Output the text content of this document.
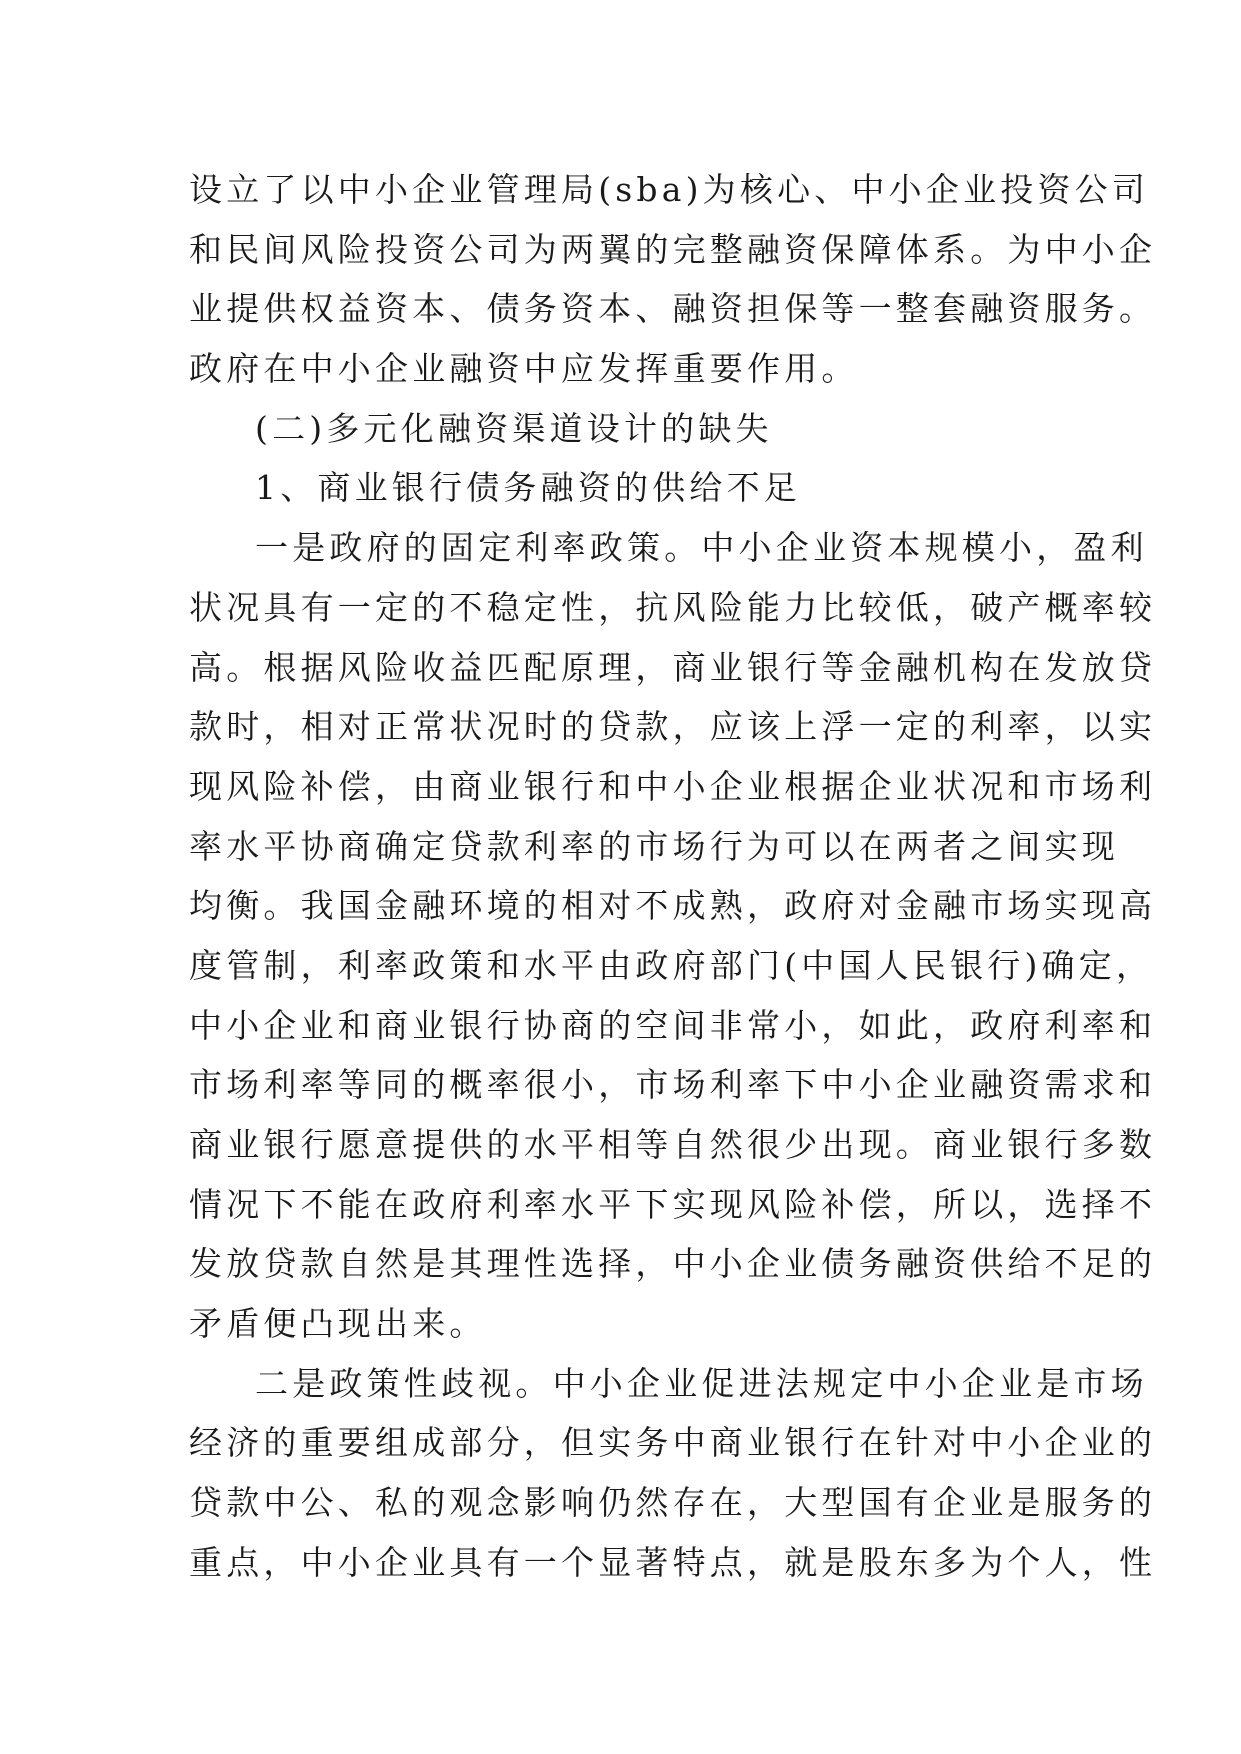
设立了以中小企业管理局(sba)为核心、中小企业投资公司
和民间风险投资公司为两翼的完整融资保障体系。为中小企
业提供权益资本、债务资本、融资担保等一整套融资服务。
政府在中小企业融资中应发挥重要作用。
(二)多元化融资渠道设计的缺失
1、商业银行债务融资的供给不足
一是政府的固定利率政策。中小企业资本规模小，盈利
状况具有一定的不稳定性，抗风险能力比较低，破产概率较
高。根据风险收益匹配原理，商业银行等金融机构在发放贷
款时，相对正常状况时的贷款，应该上浮一定的利率，以实
现风险补偿，由商业银行和中小企业根据企业状况和市场利
率水平协商确定贷款利率的市场行为可以在两者之间实现
均衡。我国金融环境的相对不成熟，政府对金融市场实现高
度管制，利率政策和水平由政府部门(中国人民银行)确定，
中小企业和商业银行协商的空间非常小，如此，政府利率和
市场利率等同的概率很小，市场利率下中小企业融资需求和
商业银行愿意提供的水平相等自然很少出现。商业银行多数
情况下不能在政府利率水平下实现风险补偿，所以，选择不
发放贷款自然是其理性选择，中小企业债务融资供给不足的
矛盾便凸现出来。
二是政策性歧视。中小企业促进法规定中小企业是市场
经济的重要组成部分，但实务中商业银行在针对中小企业的
贷款中公、私的观念影响仍然存在，大型国有企业是服务的
重点，中小企业具有一个显著特点，就是股东多为个人，性
